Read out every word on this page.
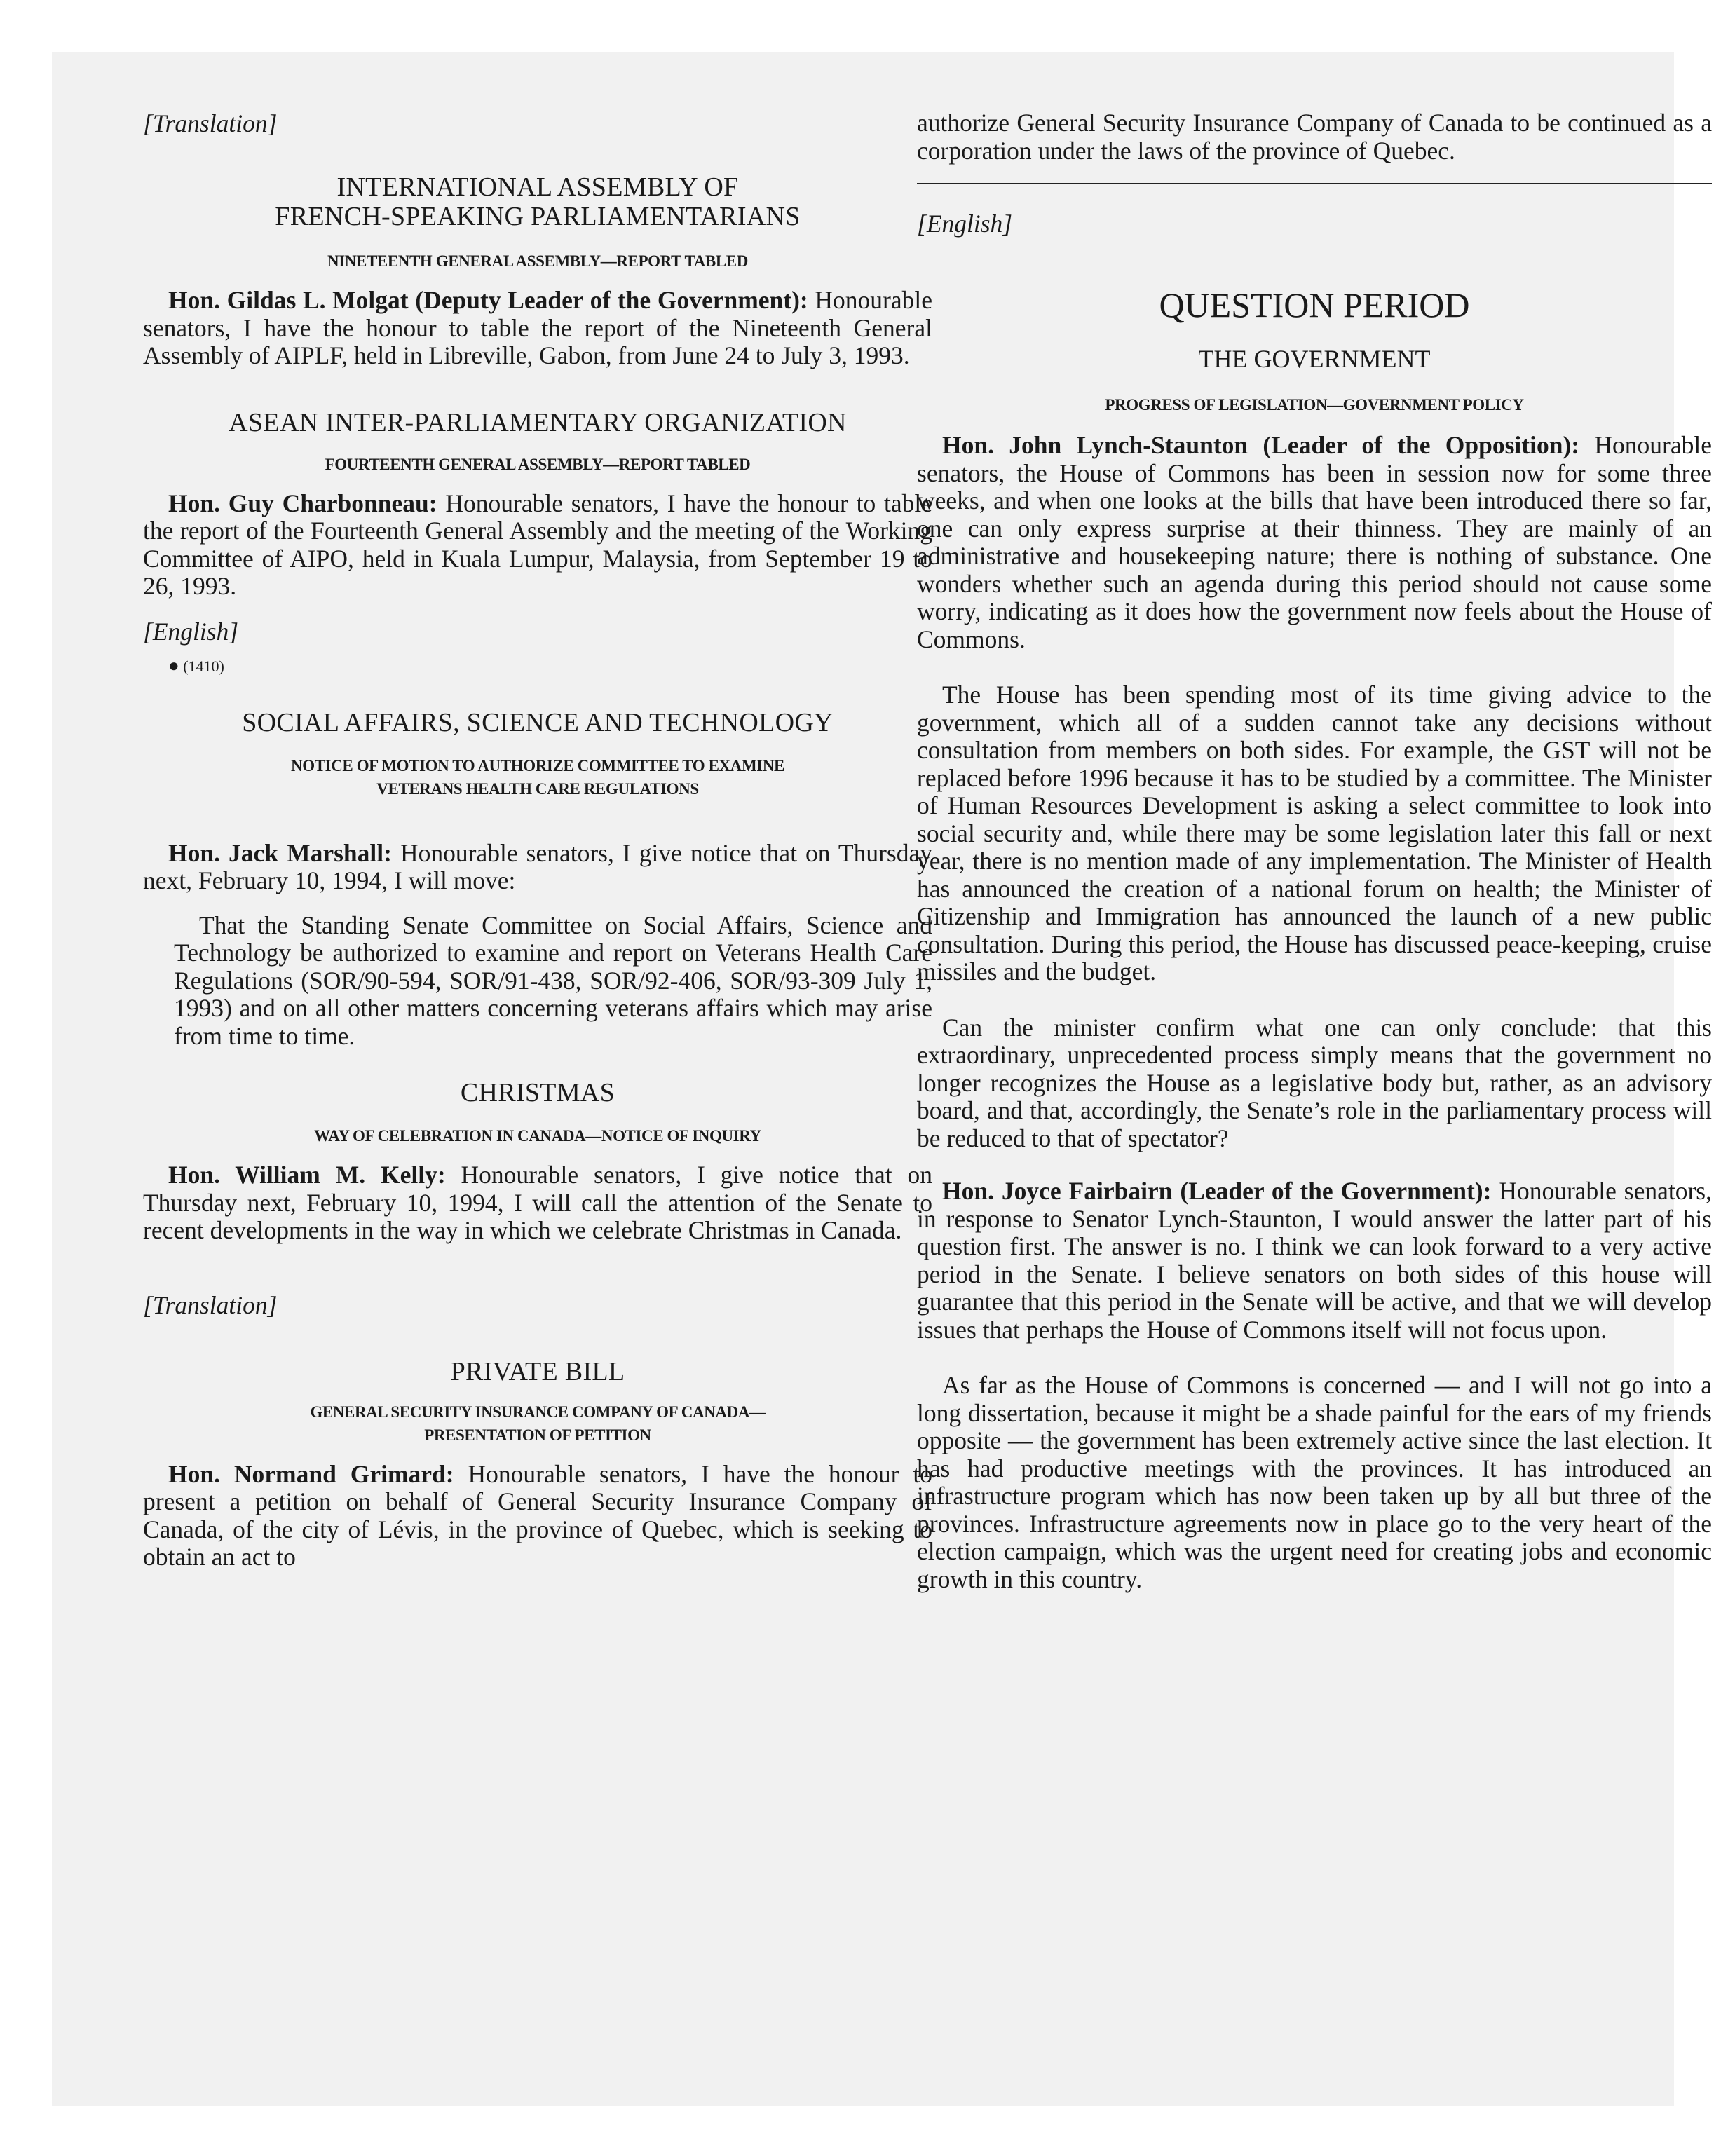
[Translation]
INTERNATIONAL ASSEMBLY OF
FRENCH-SPEAKING PARLIAMENTARIANS
NINETEENTH GENERAL ASSEMBLY—REPORT TABLED

Hon. Gildas L. Molgat (Deputy Leader of the Government): Honourable senators, I have the honour to table the report of the Nineteenth General Assembly of AIPLF, held in Libreville, Gabon, from June 24 to July 3, 1993.

ASEAN INTER-PARLIAMENTARY ORGANIZATION
FOURTEENTH GENERAL ASSEMBLY—REPORT TABLED

Hon. Guy Charbonneau: Honourable senators, I have the honour to table the report of the Fourteenth General Assembly and the meeting of the Working Committee of AIPO, held in Kuala Lumpur, Malaysia, from September 19 to 26, 1993.

[English]
● (1410)
SOCIAL AFFAIRS, SCIENCE AND TECHNOLOGY
NOTICE OF MOTION TO AUTHORIZE COMMITTEE TO EXAMINE
VETERANS HEALTH CARE REGULATIONS

Hon. Jack Marshall: Honourable senators, I give notice that on Thursday next, February 10, 1994, I will move:

That the Standing Senate Committee on Social Affairs, Science and Technology be authorized to examine and report on Veterans Health Care Regulations (SOR/90-594, SOR/91-438, SOR/92-406, SOR/93-309 July 1, 1993) and on all other matters concerning veterans affairs which may arise from time to time.

CHRISTMAS
WAY OF CELEBRATION IN CANADA—NOTICE OF INQUIRY

Hon. William M. Kelly: Honourable senators, I give notice that on Thursday next, February 10, 1994, I will call the attention of the Senate to recent developments in the way in which we celebrate Christmas in Canada.

[Translation]
PRIVATE BILL
GENERAL SECURITY INSURANCE COMPANY OF CANADA—
PRESENTATION OF PETITION

Hon. Normand Grimard: Honourable senators, I have the honour to present a petition on behalf of General Security Insurance Company of Canada, of the city of Lévis, in the province of Quebec, which is seeking to obtain an act to

authorize General Security Insurance Company of Canada to be continued as a corporation under the laws of the province of Quebec.

[English]
QUESTION PERIOD
THE GOVERNMENT
PROGRESS OF LEGISLATION—GOVERNMENT POLICY

Hon. John Lynch-Staunton (Leader of the Opposition): Honourable senators, the House of Commons has been in session now for some three weeks, and when one looks at the bills that have been introduced there so far, one can only express surprise at their thinness. They are mainly of an administrative and housekeeping nature; there is nothing of substance. One wonders whether such an agenda during this period should not cause some worry, indicating as it does how the government now feels about the House of Commons.

The House has been spending most of its time giving advice to the government, which all of a sudden cannot take any decisions without consultation from members on both sides. For example, the GST will not be replaced before 1996 because it has to be studied by a committee. The Minister of Human Resources Development is asking a select committee to look into social security and, while there may be some legislation later this fall or next year, there is no mention made of any implementation. The Minister of Health has announced the creation of a national forum on health; the Minister of Citizenship and Immigration has announced the launch of a new public consultation. During this period, the House has discussed peace-keeping, cruise missiles and the budget.

Can the minister confirm what one can only conclude: that this extraordinary, unprecedented process simply means that the government no longer recognizes the House as a legislative body but, rather, as an advisory board, and that, accordingly, the Senate’s role in the parliamentary process will be reduced to that of spectator?

Hon. Joyce Fairbairn (Leader of the Government): Honourable senators, in response to Senator Lynch-Staunton, I would answer the latter part of his question first. The answer is no. I think we can look forward to a very active period in the Senate. I believe senators on both sides of this house will guarantee that this period in the Senate will be active, and that we will develop issues that perhaps the House of Commons itself will not focus upon.

As far as the House of Commons is concerned — and I will not go into a long dissertation, because it might be a shade painful for the ears of my friends opposite — the government has been extremely active since the last election. It has had productive meetings with the provinces. It has introduced an infrastructure program which has now been taken up by all but three of the provinces. Infrastructure agreements now in place go to the very heart of the election campaign, which was the urgent need for creating jobs and economic growth in this country.
